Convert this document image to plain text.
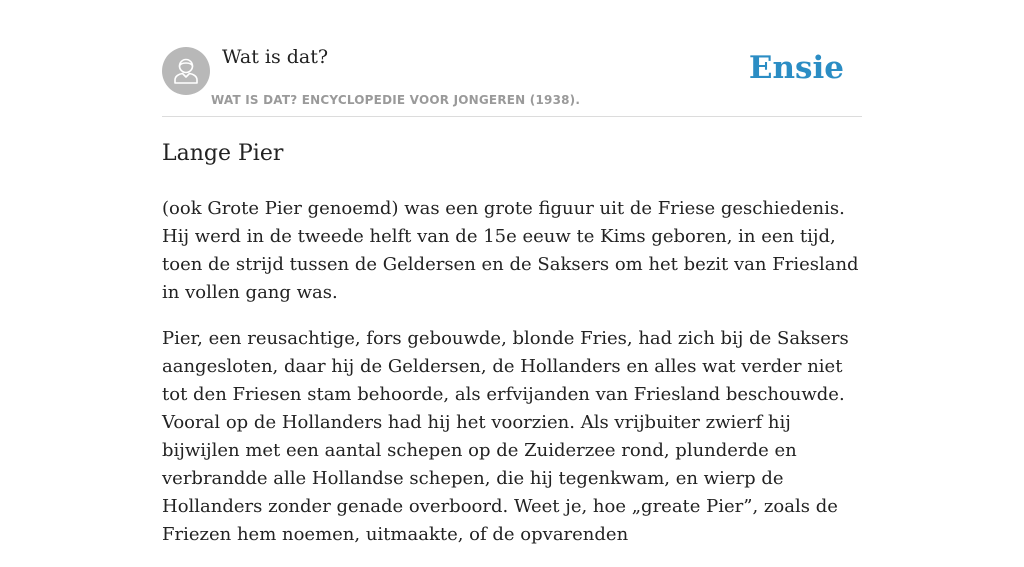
Wat is dat?
WAT IS DAT? ENCYCLOPEDIE VOOR JONGEREN (1938).
Ensie
Lange Pier

(ook Grote Pier genoemd) was een grote figuur uit de Friese geschiedenis. Hij werd in de tweede helft van de 15e eeuw te Kims geboren, in een tijd, toen de strijd tussen de Geldersen en de Saksers om het bezit van Friesland in vollen gang was.

Pier, een reusachtige, fors gebouwde, blonde Fries, had zich bij de Saksers aangesloten, daar hij de Geldersen, de Hollanders en alles wat verder niet tot den Friesen stam behoorde, als erfvijanden van Friesland beschouwde. Vooral op de Hollanders had hij het voorzien. Als vrijbuiter zwierf hij bijwijlen met een aantal schepen op de Zuiderzee rond, plunderde en verbrandde alle Hollandse schepen, die hij tegenkwam, en wierp de Hollanders zonder genade overboord. Weet je, hoe „greate Pier”, zoals de Friezen hem noemen, uitmaakte, of de opvarenden
